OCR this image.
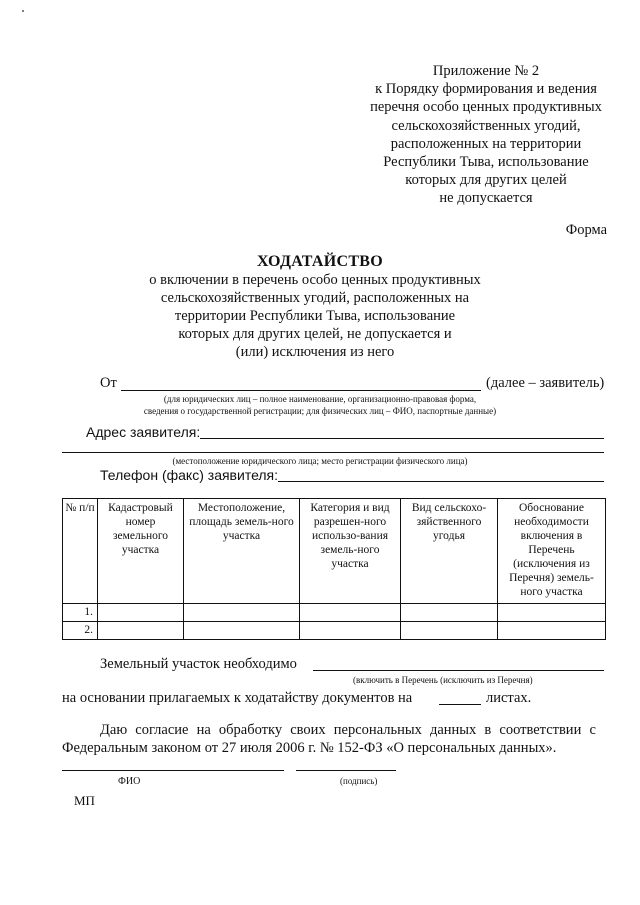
Приложение № 2
к Порядку формирования и ведения
перечня особо ценных продуктивных
сельскохозяйственных угодий,
расположенных на территории
Республики Тыва, использование
которых для других целей
не допускается
Форма
ХОДАТАЙСТВО
о включении в перечень особо ценных продуктивных
сельскохозяйственных угодий, расположенных на
территории Республики Тыва, использование
которых для других целей, не допускается и
(или) исключения из него
От	(далее – заявитель)
(для юридических лиц – полное наименование, организационно-правовая форма,
сведения о государственной регистрации; для физических лиц – ФИО, паспортные данные)
Адрес заявителя:
(местоположение юридического лица; место регистрации физического лица)
Телефон (факс) заявителя:
№ п/п	Кадастровый номер земельного участка	Местоположение, площадь земель-ного участка	Категория и вид разрешен-ного использо-вания земель-ного участка	Вид сельскохо-зяйственного угодья	Обоснование необходимости включения в Перечень (исключения из Перечня) земель-ного участка
1.					
2.					
Земельный участок необходимо
(включить в Перечень (исключить из Перечня)
на основании прилагаемых к ходатайству документов на	листах.
Даю согласие на обработку своих персональных данных в соответствии с
Федеральным законом от 27 июля 2006 г. № 152-ФЗ «О персональных данных».
ФИО	(подпись)
МП
